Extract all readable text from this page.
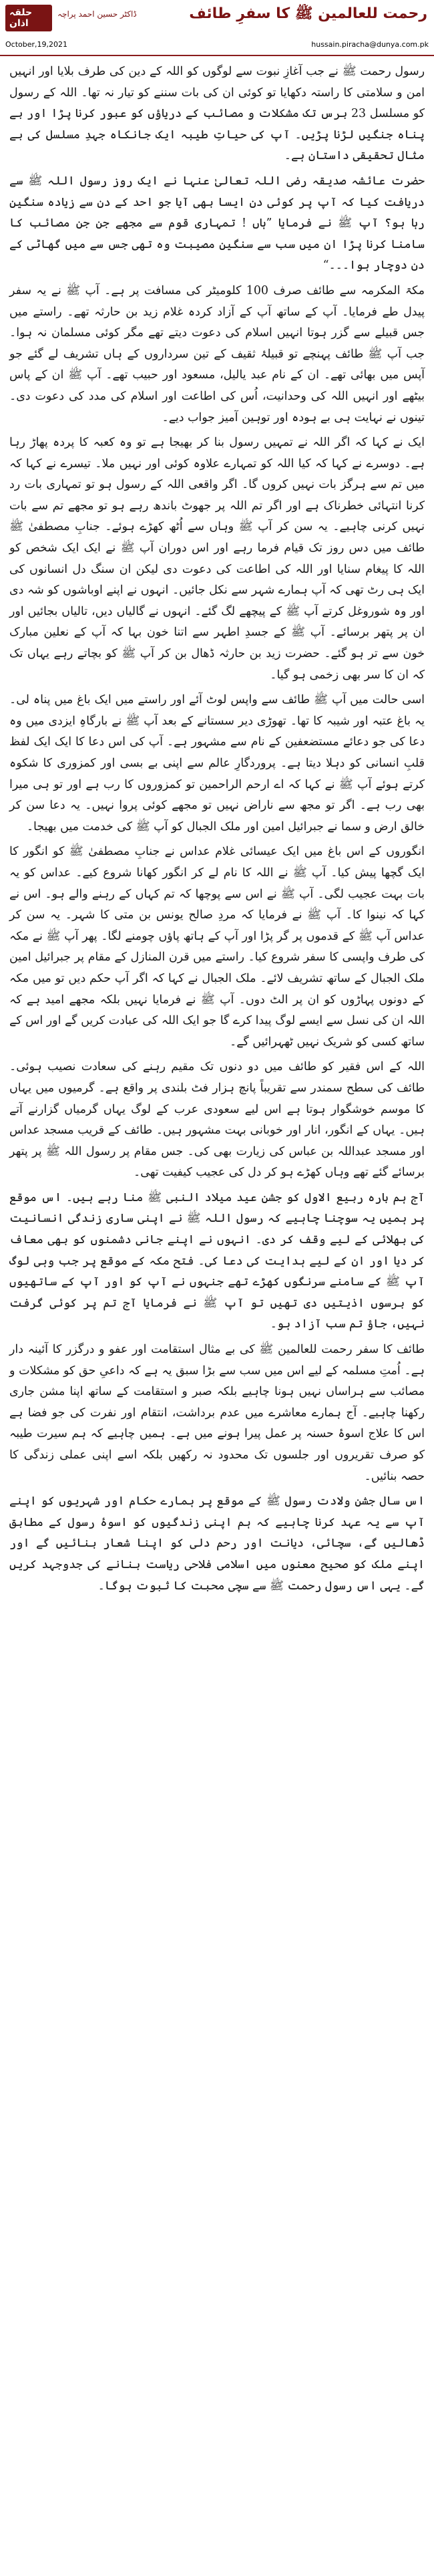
حلقہ اذان
ڈاکٹر حسین احمد پراچہ	رحمت للعالمین ﷺ کا سفرِ طائف
October,19,2021	hussain.piracha@dunya.com.pk

رسول رحمت ﷺ نے جب آغازِ نبوت سے لوگوں کو اللہ کے دین کی طرف بلایا اور انہیں امن و سلامتی کا راستہ دکھایا تو کوئی ان کی بات سننے کو تیار نہ تھا۔ اللہ کے رسول کو مسلسل 23 برس تک مشکلات و مصائب کے دریاؤں کو عبور کرنا پڑا اور بے پناہ جنگیں لڑنا پڑیں۔ آپ کی حیاتِ طیبہ ایک جانکاہ جہدِ مسلسل کی بے مثال تحقیقی داستان ہے۔

حضرت عائشہ صدیقہ رضی اللہ تعالیٰ عنہا نے ایک روز رسول اللہ ﷺ سے دریافت کیا کہ آپ پر کوئی دن ایسا بھی آیا جو احد کے دن سے زیادہ سنگین رہا ہو؟ آپ ﷺ نے فرمایا ”ہاں ! تمہاری قوم سے مجھے جن جن مصائب کا سامنا کرنا پڑا ان میں سب سے سنگین مصیبت وہ تھی جس سے میں گھاٹی کے دن دوچار ہوا۔۔۔“

مکۃ المکرمہ سے طائف صرف 100 کلومیٹر کی مسافت پر ہے۔ آپ ﷺ نے یہ سفر پیدل طے فرمایا۔ آپ کے ساتھ آپ کے آزاد کردہ غلام زید بن حارثہ تھے۔ راستے میں جس قبیلے سے گزر ہوتا انہیں اسلام کی دعوت دیتے تھے مگر کوئی مسلمان نہ ہوا۔ جب آپ ﷺ طائف پہنچے تو قبیلۂ ثقیف کے تین سرداروں کے ہاں تشریف لے گئے جو آپس میں بھائی تھے۔ ان کے نام عبد یالیل، مسعود اور حبیب تھے۔ آپ ﷺ ان کے پاس بیٹھے اور انہیں اللہ کی وحدانیت، اُس کی اطاعت اور اسلام کی مدد کی دعوت دی۔ تینوں نے نہایت ہی بے ہودہ اور توہین آمیز جواب دیے۔

ایک نے کہا کہ اگر اللہ نے تمہیں رسول بنا کر بھیجا ہے تو وہ کعبہ کا پردہ پھاڑ رہا ہے۔ دوسرے نے کہا کہ کیا اللہ کو تمہارے علاوہ کوئی اور نہیں ملا۔ تیسرے نے کہا کہ میں تم سے ہرگز بات نہیں کروں گا۔ اگر واقعی اللہ کے رسول ہو تو تمہاری بات رد کرنا انتہائی خطرناک ہے اور اگر تم اللہ پر جھوٹ باندھ رہے ہو تو مجھے تم سے بات نہیں کرنی چاہیے۔ یہ سن کر آپ ﷺ وہاں سے اُٹھ کھڑے ہوئے۔ جنابِ مصطفیٰ ﷺ طائف میں دس روز تک قیام فرما رہے اور اس دوران آپ ﷺ نے ایک ایک شخص کو اللہ کا پیغام سنایا اور اللہ کی اطاعت کی دعوت دی لیکن ان سنگ دل انسانوں کی ایک ہی رٹ تھی کہ آپ ہمارے شہر سے نکل جائیں۔ انہوں نے اپنے اوباشوں کو شہ دی اور وہ شوروغل کرتے آپ ﷺ کے پیچھے لگ گئے۔ انہوں نے گالیاں دیں، تالیاں بجائیں اور ان پر پتھر برسائے۔ آپ ﷺ کے جسدِ اطہر سے اتنا خون بہا کہ آپ کے نعلین مبارک خون سے تر ہو گئے۔ حضرت زید بن حارثہ ڈھال بن کر آپ ﷺ کو بچاتے رہے یہاں تک کہ ان کا سر بھی زخمی ہو گیا۔

اسی حالت میں آپ ﷺ طائف سے واپس لوٹ آئے اور راستے میں ایک باغ میں پناہ لی۔ یہ باغ عتبہ اور شیبہ کا تھا۔ تھوڑی دیر سستانے کے بعد آپ ﷺ نے بارگاہِ ایزدی میں وہ دعا کی جو دعائے مستضعفین کے نام سے مشہور ہے۔ آپ کی اس دعا کا ایک ایک لفظ قلبِ انسانی کو دہلا دیتا ہے۔ پروردگارِ عالم سے اپنی بے بسی اور کمزوری کا شکوہ کرتے ہوئے آپ ﷺ نے کہا کہ اے ارحم الراحمین تو کمزوروں کا رب ہے اور تو ہی میرا بھی رب ہے۔ اگر تو مجھ سے ناراض نہیں تو مجھے کوئی پروا نہیں۔ یہ دعا سن کر خالق ارض و سما نے جبرائیل امین اور ملک الجبال کو آپ ﷺ کی خدمت میں بھیجا۔

انگوروں کے اس باغ میں ایک عیسائی غلام عداس نے جنابِ مصطفیٰ ﷺ کو انگور کا ایک گچھا پیش کیا۔ آپ ﷺ نے اللہ کا نام لے کر انگور کھانا شروع کیے۔ عداس کو یہ بات بہت عجیب لگی۔ آپ ﷺ نے اس سے پوچھا کہ تم کہاں کے رہنے والے ہو۔ اس نے کہا کہ نینوا کا۔ آپ ﷺ نے فرمایا کہ مردِ صالح یونس بن متی کا شہر۔ یہ سن کر عداس آپ ﷺ کے قدموں پر گر پڑا اور آپ کے ہاتھ پاؤں چومنے لگا۔ پھر آپ ﷺ نے مکہ کی طرف واپسی کا سفر شروع کیا۔ راستے میں قرن المنازل کے مقام پر جبرائیل امین ملک الجبال کے ساتھ تشریف لائے۔ ملک الجبال نے کہا کہ اگر آپ حکم دیں تو میں مکہ کے دونوں پہاڑوں کو ان پر الٹ دوں۔ آپ ﷺ نے فرمایا نہیں بلکہ مجھے امید ہے کہ اللہ ان کی نسل سے ایسے لوگ پیدا کرے گا جو ایک اللہ کی عبادت کریں گے اور اس کے ساتھ کسی کو شریک نہیں ٹھہرائیں گے۔

اللہ کے اس فقیر کو طائف میں دو دنوں تک مقیم رہنے کی سعادت نصیب ہوئی۔ طائف کی سطح سمندر سے تقریباً پانچ ہزار فٹ بلندی پر واقع ہے۔ گرمیوں میں یہاں کا موسم خوشگوار ہوتا ہے اس لیے سعودی عرب کے لوگ یہاں گرمیاں گزارنے آتے ہیں۔ یہاں کے انگور، انار اور خوبانی بہت مشہور ہیں۔ طائف کے قریب مسجد عداس اور مسجد عبداللہ بن عباس کی زیارت بھی کی۔ جس مقام پر رسول اللہ ﷺ پر پتھر برسائے گئے تھے وہاں کھڑے ہو کر دل کی عجیب کیفیت تھی۔

آج ہم بارہ ربیع الاول کو جشن عید میلاد النبی ﷺ منا رہے ہیں۔ اس موقع پر ہمیں یہ سوچنا چاہیے کہ رسول اللہ ﷺ نے اپنی ساری زندگی انسانیت کی بھلائی کے لیے وقف کر دی۔ انہوں نے اپنے جانی دشمنوں کو بھی معاف کر دیا اور ان کے لیے ہدایت کی دعا کی۔ فتح مکہ کے موقع پر جب وہی لوگ آپ ﷺ کے سامنے سرنگوں کھڑے تھے جنہوں نے آپ کو اور آپ کے ساتھیوں کو برسوں اذیتیں دی تھیں تو آپ ﷺ نے فرمایا آج تم پر کوئی گرفت نہیں، جاؤ تم سب آزاد ہو۔

طائف کا سفر رحمت للعالمین ﷺ کی بے مثال استقامت اور عفو و درگزر کا آئینہ دار ہے۔ اُمتِ مسلمہ کے لیے اس میں سب سے بڑا سبق یہ ہے کہ داعیِ حق کو مشکلات و مصائب سے ہراساں نہیں ہونا چاہیے بلکہ صبر و استقامت کے ساتھ اپنا مشن جاری رکھنا چاہیے۔ آج ہمارے معاشرے میں عدم برداشت، انتقام اور نفرت کی جو فضا ہے اس کا علاج اسوۂ حسنہ پر عمل پیرا ہونے میں ہے۔ ہمیں چاہیے کہ ہم سیرت طیبہ کو صرف تقریروں اور جلسوں تک محدود نہ رکھیں بلکہ اسے اپنی عملی زندگی کا حصہ بنائیں۔

اس سال جشن ولادت رسول ﷺ کے موقع پر ہمارے حکام اور شہریوں کو اپنے آپ سے یہ عہد کرنا چاہیے کہ ہم اپنی زندگیوں کو اسوۂ رسول کے مطابق ڈھالیں گے، سچائی، دیانت اور رحم دلی کو اپنا شعار بنائیں گے اور اپنے ملک کو صحیح معنوں میں اسلامی فلاحی ریاست بنانے کی جدوجہد کریں گے۔ یہی اس رسول رحمت ﷺ سے سچی محبت کا ثبوت ہوگا۔
